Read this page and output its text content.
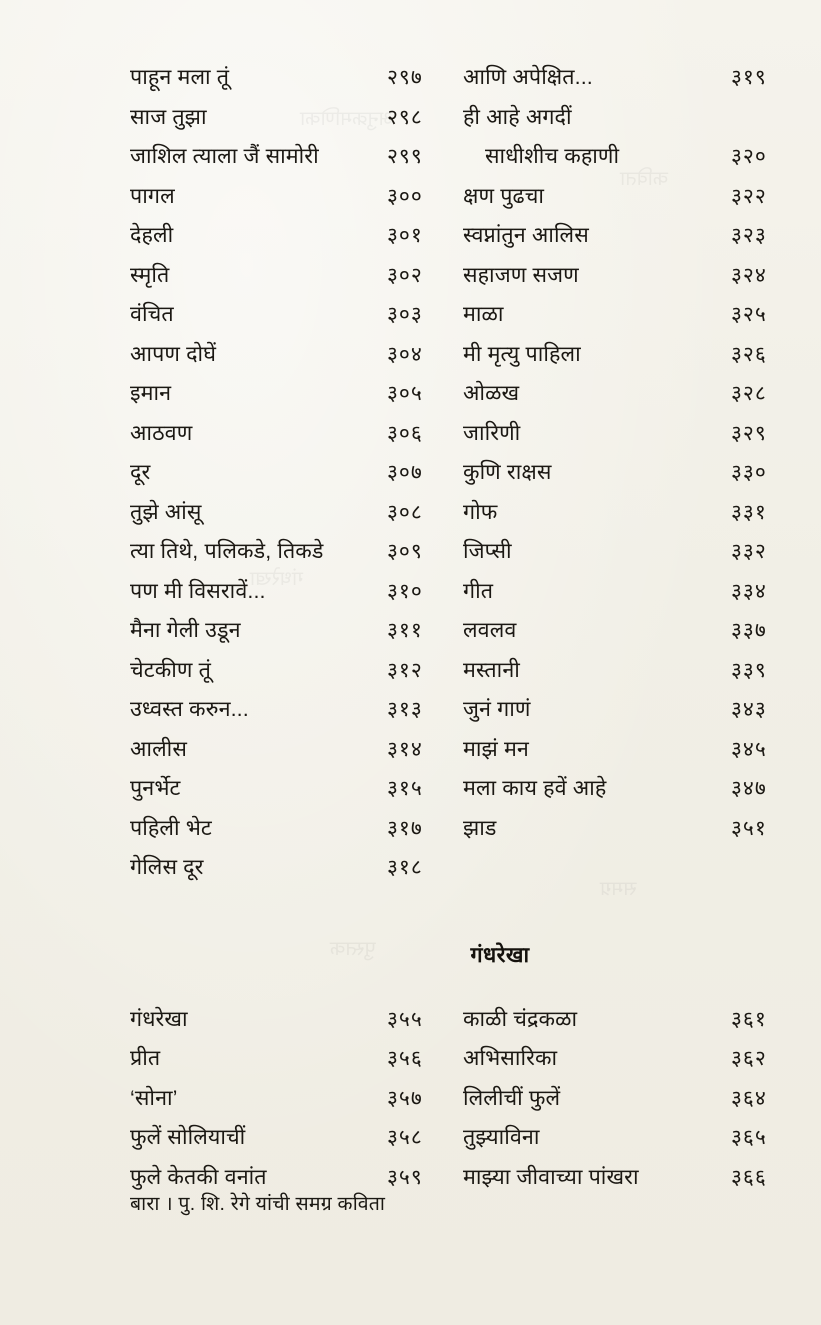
अनुक्रमणिका
कविता
गंधरेखा
समग्र
पुस्तक
पाहून मला तूं	२९७	आणि अपेक्षित...	३१९

साज तुझा	२९८	ही आहे अगदीं	

जाशिल त्याला जैं सामोरी	२९९	साधीशीच कहाणी	३२०

पागल	३००	क्षण पुढचा	३२२

देहली	३०१	स्वप्नांतुन आलिस	३२३

स्मृति	३०२	सहाजण सजण	३२४

वंचित	३०३	माळा	३२५

आपण दोघें	३०४	मी मृत्यु पाहिला	३२६

इमान	३०५	ओळख	३२८

आठवण	३०६	जारिणी	३२९

दूर	३०७	कुणि राक्षस	३३०

तुझे आंसू	३०८	गोफ	३३१

त्या तिथे, पलिकडे, तिकडे	३०९	जिप्सी	३३२

पण मी विसरावें...	३१०	गीत	३३४

मैना गेली उडून	३११	लवलव	३३७

चेटकीण तूं	३१२	मस्तानी	३३९

उध्वस्त करुन...	३१३	जुनं गाणं	३४३

आलीस	३१४	माझं मन	३४५

पुनर्भेट	३१५	मला काय हवें आहे	३४७

पहिली भेट	३१७	झाड	३५१

गेलिस दूर	३१८		

गंधरेखा
गंधरेखा	३५५	काळी चंद्रकळा	३६१

प्रीत	३५६	अभिसारिका	३६२

‘सोना’	३५७	लिलीचीं फुलें	३६४

फुलें सोलियाचीं	३५८	तुझ्याविना	३६५

फुले केतकी वनांत	३५९	माझ्या जीवाच्या पांखरा	३६६
बारा । पु. शि. रेगे यांची समग्र कविता
